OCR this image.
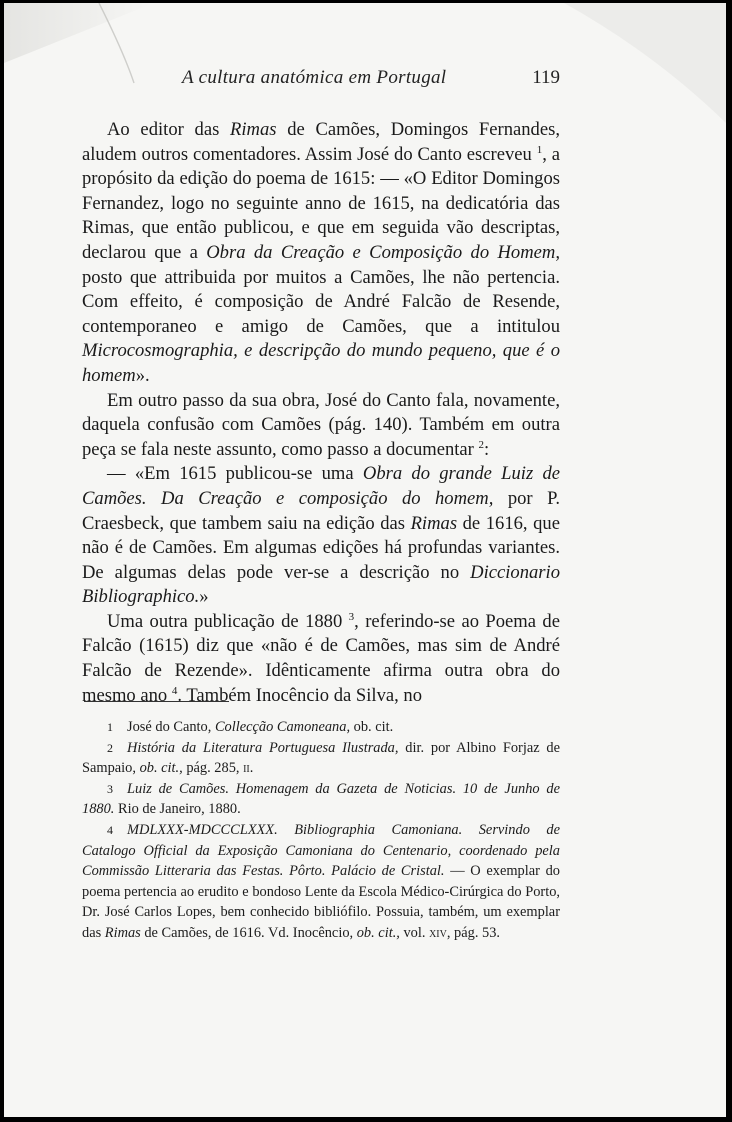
A cultura anatómica em Portugal	119

Ao editor das Rimas de Camões, Domingos Fernandes, aludem outros comentadores. Assim José do Canto escreveu $^1$, a propósito da edição do poema de 1615: — «O Editor Domingos Fernandez, logo no seguinte anno de 1615, na dedicatória das Rimas, que então publicou, e que em seguida vão descriptas, declarou que a Obra da Creação e Composição do Homem, posto que attribuida por muitos a Camões, lhe não pertencia. Com effeito, é composição de André Falcão de Resende, contemporaneo e amigo de Camões, que a intitulou Microcosmographia, e descripção do mundo pequeno, que é o homem».

Em outro passo da sua obra, José do Canto fala, novamente, daquela confusão com Camões (pág. 140). Também em outra peça se fala neste assunto, como passo a documentar $^2$:

— «Em 1615 publicou-se uma Obra do grande Luiz de Camões. Da Creação e composição do homem, por P. Craesbeck, que tambem saiu na edição das Rimas de 1616, que não é de Camões. Em algumas edições há profundas variantes. De algumas delas pode ver-se a descrição no Diccionario Bibliographico.»

Uma outra publicação de 1880 $^3$, referindo-se ao Poema de Falcão (1615) diz que «não é de Camões, mas sim de André Falcão de Rezende». Idênticamente afirma outra obra do mesmo ano $^4$. Também Inocêncio da Silva, no

1 José do Canto, Collecção Camoneana, ob. cit.

2 História da Literatura Portuguesa Ilustrada, dir. por Albino Forjaz de Sampaio, ob. cit., pág. 285, ii.

3 Luiz de Camões. Homenagem da Gazeta de Noticias. 10 de Junho de 1880. Rio de Janeiro, 1880.

4 MDLXXX-MDCCCLXXX. Bibliographia Camoniana. Servindo de Catalogo Official da Exposição Camoniana do Centenario, coordenado pela Commissão Litteraria das Festas. Pôrto. Palácio de Cristal. — O exemplar do poema pertencia ao erudito e bondoso Lente da Escola Médico-Cirúrgica do Porto, Dr. José Carlos Lopes, bem conhecido bibliófilo. Possuia, também, um exemplar das Rimas de Camões, de 1616. Vd. Inocêncio, ob. cit., vol. xiv, pág. 53.
